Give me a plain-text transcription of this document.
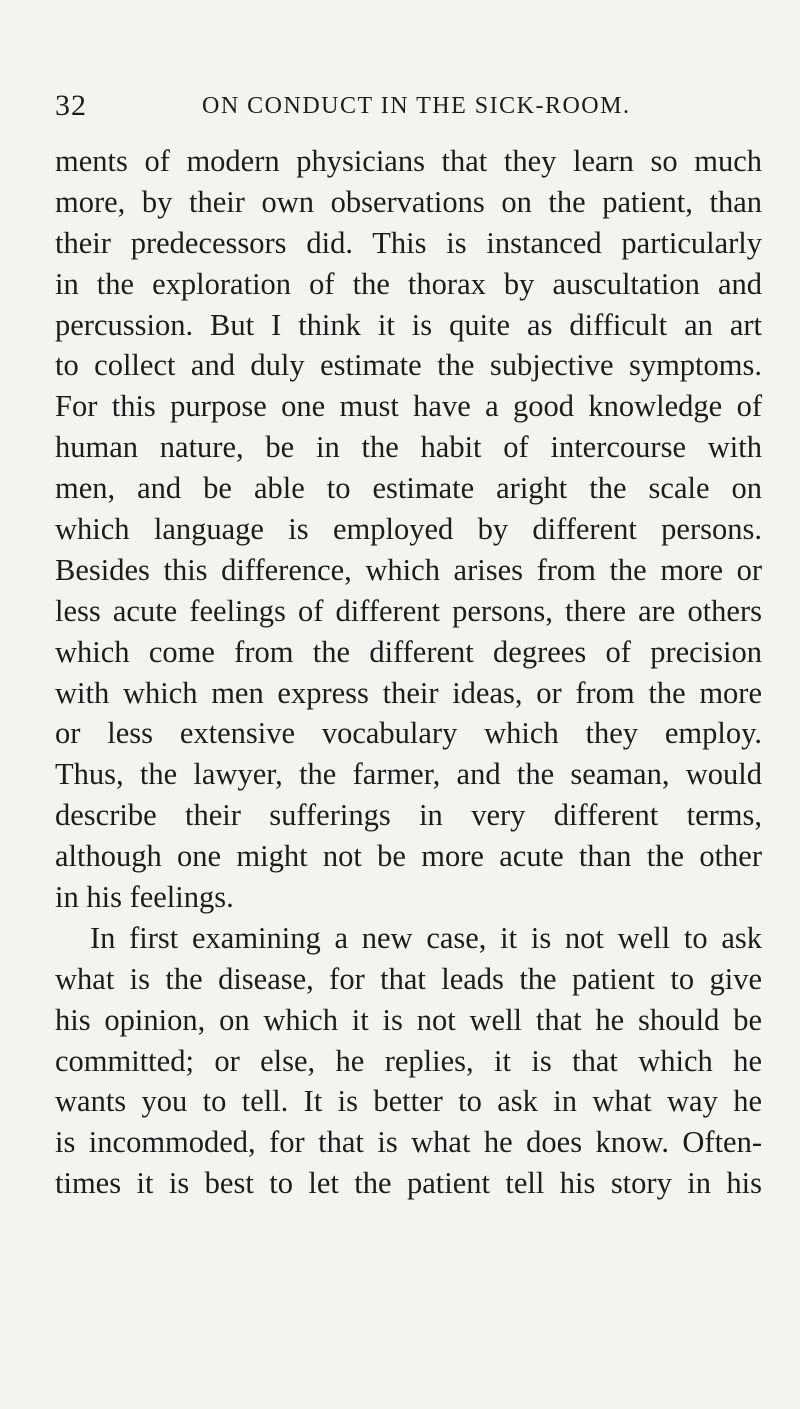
32	ON CONDUCT IN THE SICK-ROOM.
ments of modern physicians that they learn so much
more, by their own observations on the patient, than
their predecessors did. This is instanced particularly
in the exploration of the thorax by auscultation and
percussion. But I think it is quite as difficult an art
to collect and duly estimate the subjective symptoms.
For this purpose one must have a good knowledge of
human nature, be in the habit of intercourse with
men, and be able to estimate aright the scale on
which language is employed by different persons.
Besides this difference, which arises from the more or
less acute feelings of different persons, there are others
which come from the different degrees of precision
with which men express their ideas, or from the more
or less extensive vocabulary which they employ.
Thus, the lawyer, the farmer, and the seaman, would
describe their sufferings in very different terms,
although one might not be more acute than the other
in his feelings.
In first examining a new case, it is not well to ask
what is the disease, for that leads the patient to give
his opinion, on which it is not well that he should be
committed; or else, he replies, it is that which he
wants you to tell. It is better to ask in what way he
is incommoded, for that is what he does know. Often-
times it is best to let the patient tell his story in his
